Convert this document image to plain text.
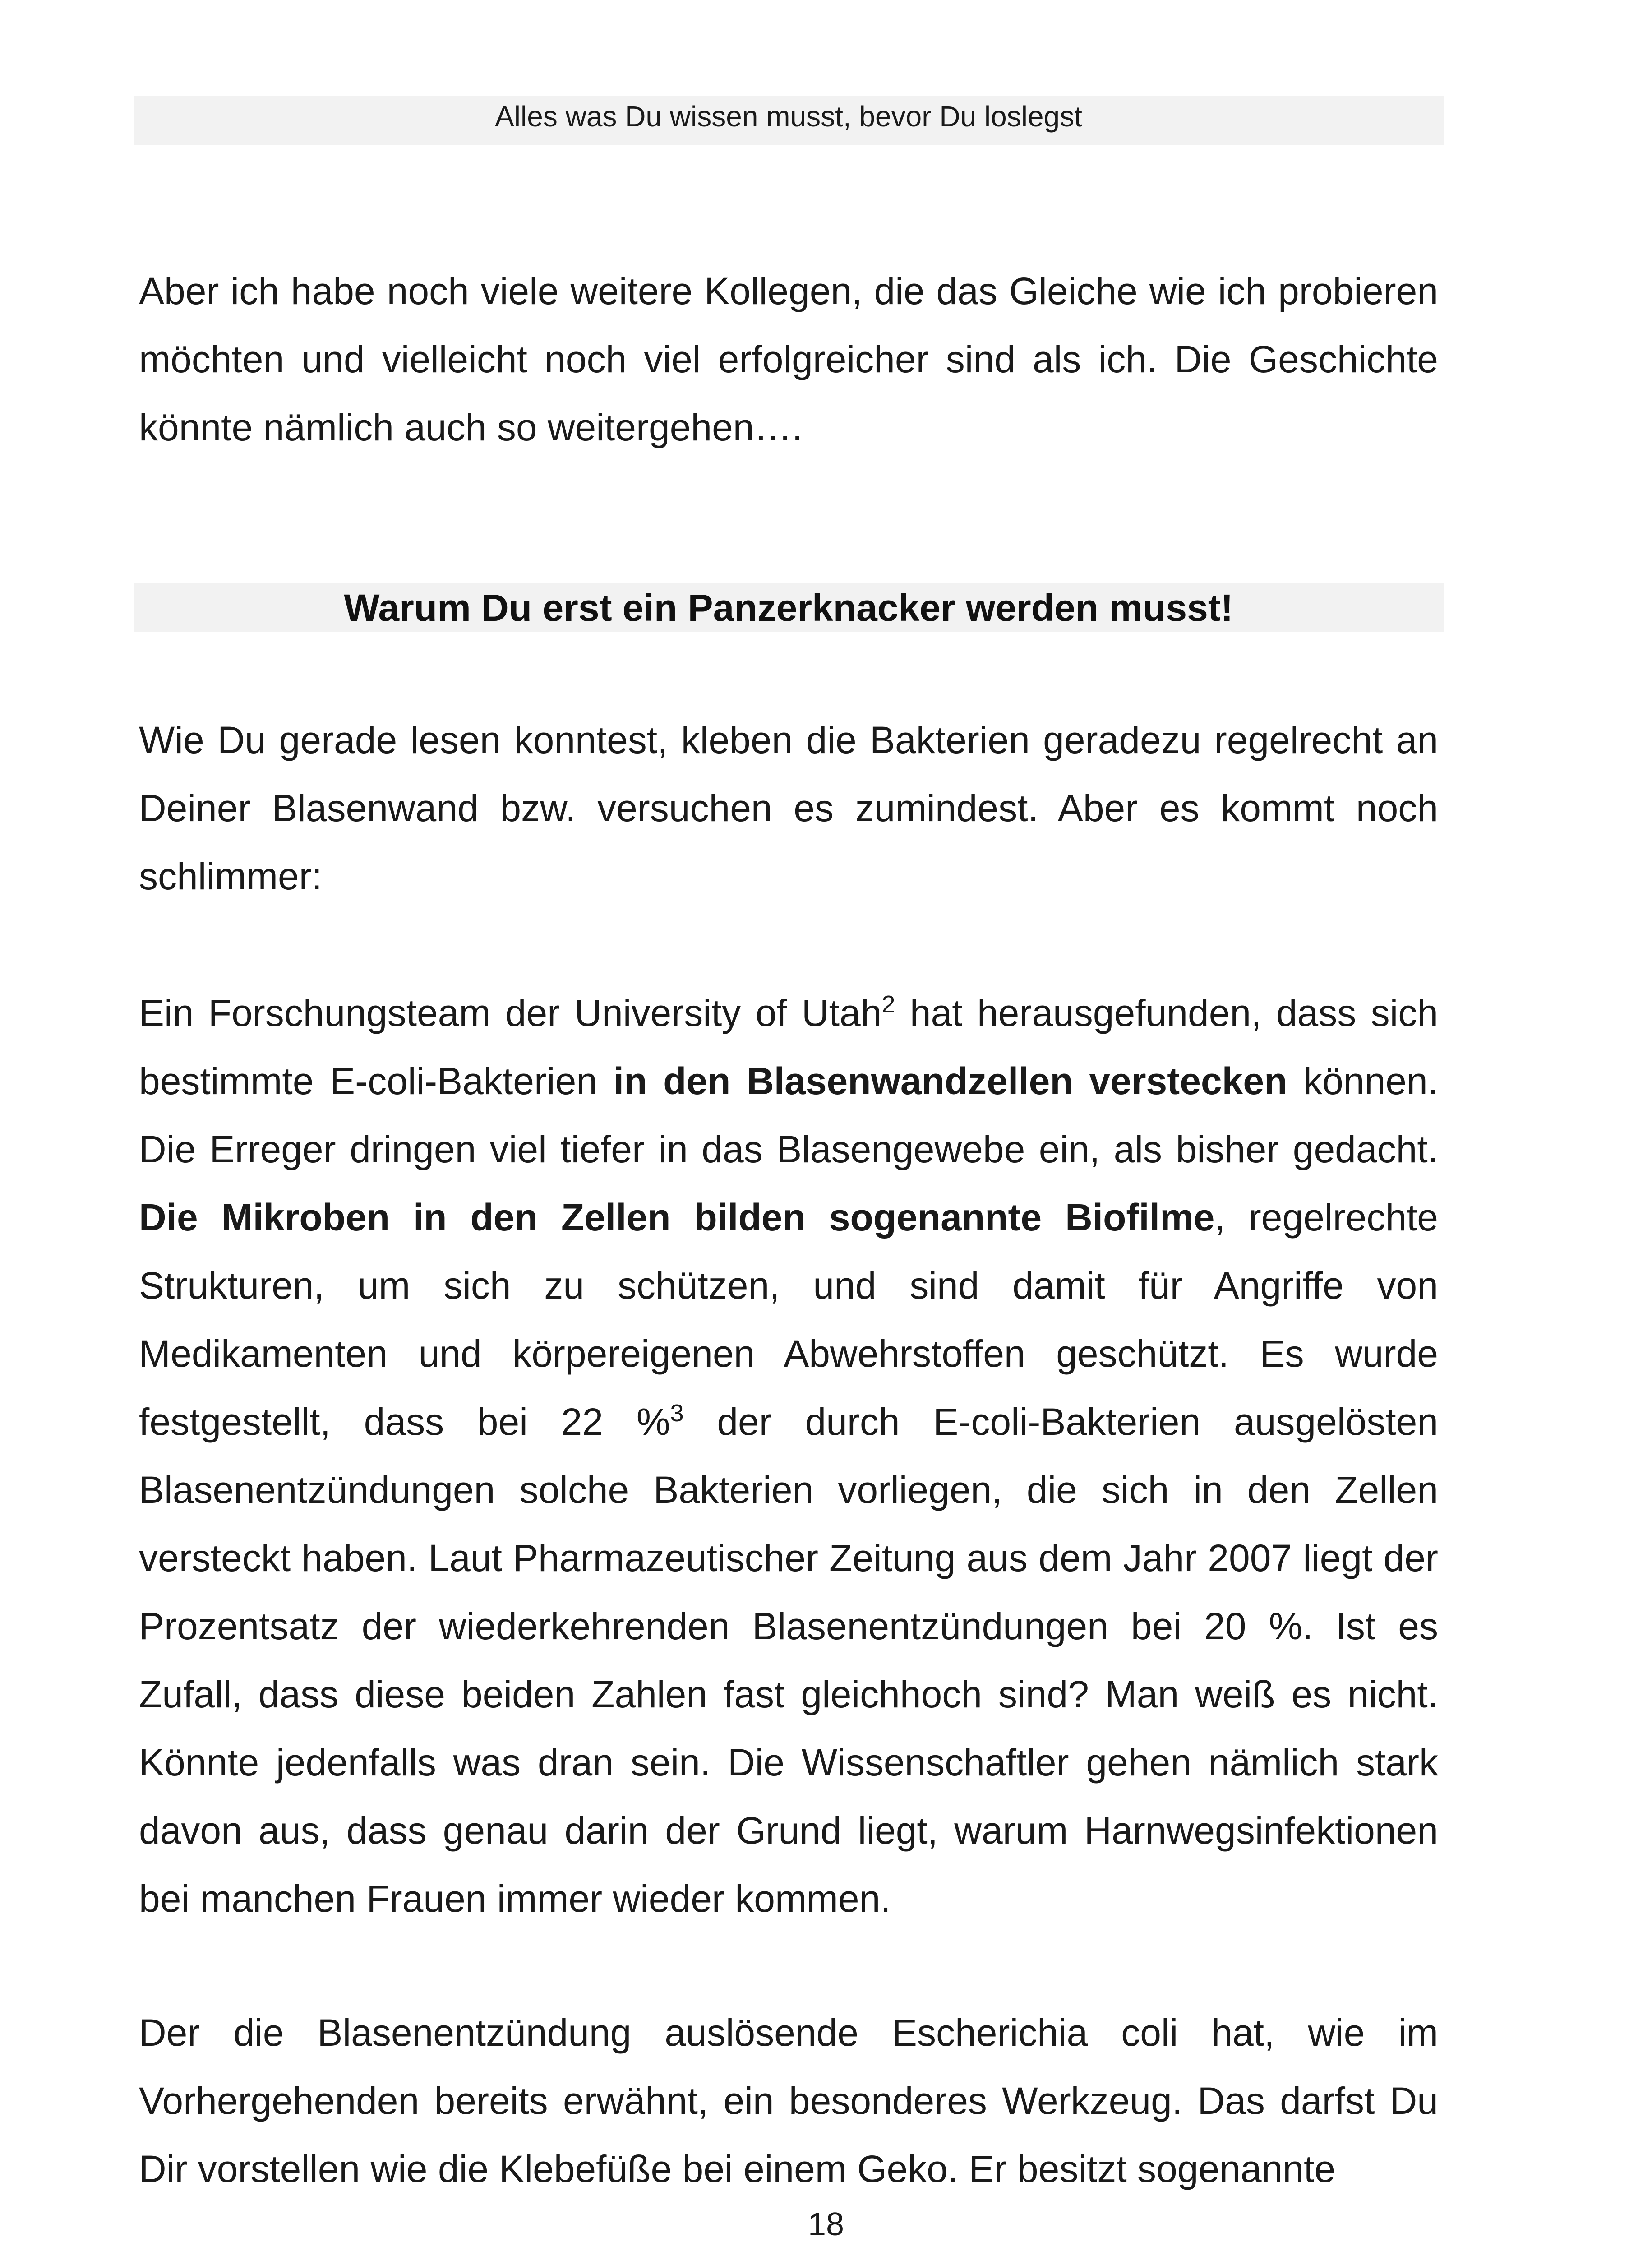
Alles was Du wissen musst, bevor Du loslegst

Aber ich habe noch viele weitere Kollegen, die das Gleiche wie ich probieren möchten und vielleicht noch viel erfolgreicher sind als ich. Die Geschichte könnte nämlich auch so weitergehen….

Warum Du erst ein Panzerknacker werden musst!

Wie Du gerade lesen konntest, kleben die Bakterien geradezu regelrecht an Deiner Blasenwand bzw. versuchen es zumindest. Aber es kommt noch schlimmer:

Ein Forschungsteam der University of Utah$^2$ hat herausgefunden, dass sich bestimmte E-coli-Bakterien in den Blasenwandzellen verstecken können. Die Erreger dringen viel tiefer in das Blasengewebe ein, als bisher gedacht. Die Mikroben in den Zellen bilden sogenannte Biofilme, regelrechte Strukturen, um sich zu schützen, und sind damit für Angriffe von Medikamenten und körpereigenen Abwehrstoffen geschützt. Es wurde festgestellt, dass bei 22 %$^3$ der durch E-coli-Bakterien ausgelösten Blasenentzündungen solche Bakterien vorliegen, die sich in den Zellen versteckt haben. Laut Pharmazeutischer Zeitung aus dem Jahr 2007 liegt der Prozentsatz der wiederkehrenden Blasenentzündungen bei 20 %. Ist es Zufall, dass diese beiden Zahlen fast gleichhoch sind? Man weiß es nicht. Könnte jedenfalls was dran sein. Die Wissenschaftler gehen nämlich stark davon aus, dass genau darin der Grund liegt, warum Harnwegsinfektionen bei manchen Frauen immer wieder kommen.

Der die Blasenentzündung auslösende Escherichia coli hat, wie im Vorhergehenden bereits erwähnt, ein besonderes Werkzeug. Das darfst Du Dir vorstellen wie die Klebefüße bei einem Geko. Er besitzt sogenannte

18
